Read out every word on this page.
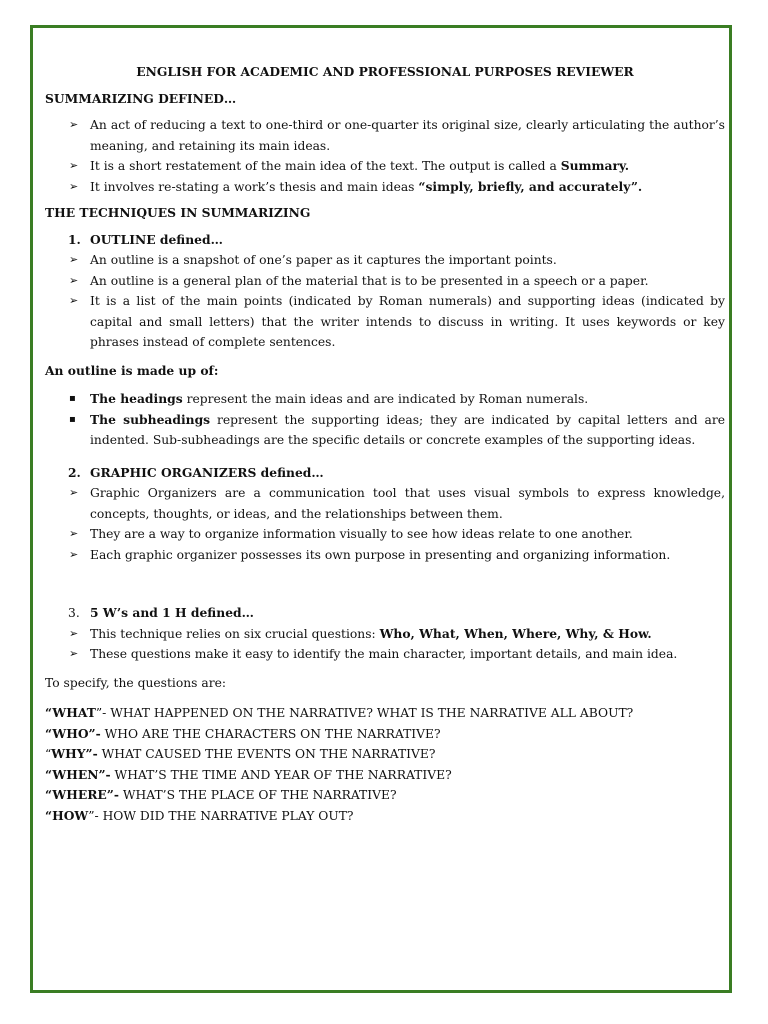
ENGLISH FOR ACADEMIC AND PROFESSIONAL PURPOSES REVIEWER
SUMMARIZING DEFINED…
➢ An act of reducing a text to one-third or one-quarter its original size, clearly articulating the author’s meaning, and retaining its main ideas.
➢ It is a short restatement of the main idea of the text. The output is called a Summary.
➢ It involves re-stating a work’s thesis and main ideas “simply, briefly, and accurately”.
THE TECHNIQUES IN SUMMARIZING
1. OUTLINE defined…
➢ An outline is a snapshot of one’s paper as it captures the important points.
➢ An outline is a general plan of the material that is to be presented in a speech or a paper.
➢ It is a list of the main points (indicated by Roman numerals) and supporting ideas (indicated by capital and small letters) that the writer intends to discuss in writing. It uses keywords or key phrases instead of complete sentences.
An outline is made up of:
▪ The headings represent the main ideas and are indicated by Roman numerals.
▪ The subheadings represent the supporting ideas; they are indicated by capital letters and are indented. Sub-subheadings are the specific details or concrete examples of the supporting ideas.
2. GRAPHIC ORGANIZERS defined…
➢ Graphic Organizers are a communication tool that uses visual symbols to express knowledge, concepts, thoughts, or ideas, and the relationships between them.
➢ They are a way to organize information visually to see how ideas relate to one another.
➢ Each graphic organizer possesses its own purpose in presenting and organizing information.
3. 5 W’s and 1 H defined…
➢ This technique relies on six crucial questions: Who, What, When, Where, Why, & How.
➢ These questions make it easy to identify the main character, important details, and main idea.
To specify, the questions are:
“WHAT”- WHAT HAPPENED ON THE NARRATIVE? WHAT IS THE NARRATIVE ALL ABOUT?
“WHO”- WHO ARE THE CHARACTERS ON THE NARRATIVE?
“WHY”- WHAT CAUSED THE EVENTS ON THE NARRATIVE?
“WHEN”- WHAT’S THE TIME AND YEAR OF THE NARRATIVE?
“WHERE”- WHAT’S THE PLACE OF THE NARRATIVE?
“HOW”- HOW DID THE NARRATIVE PLAY OUT?
